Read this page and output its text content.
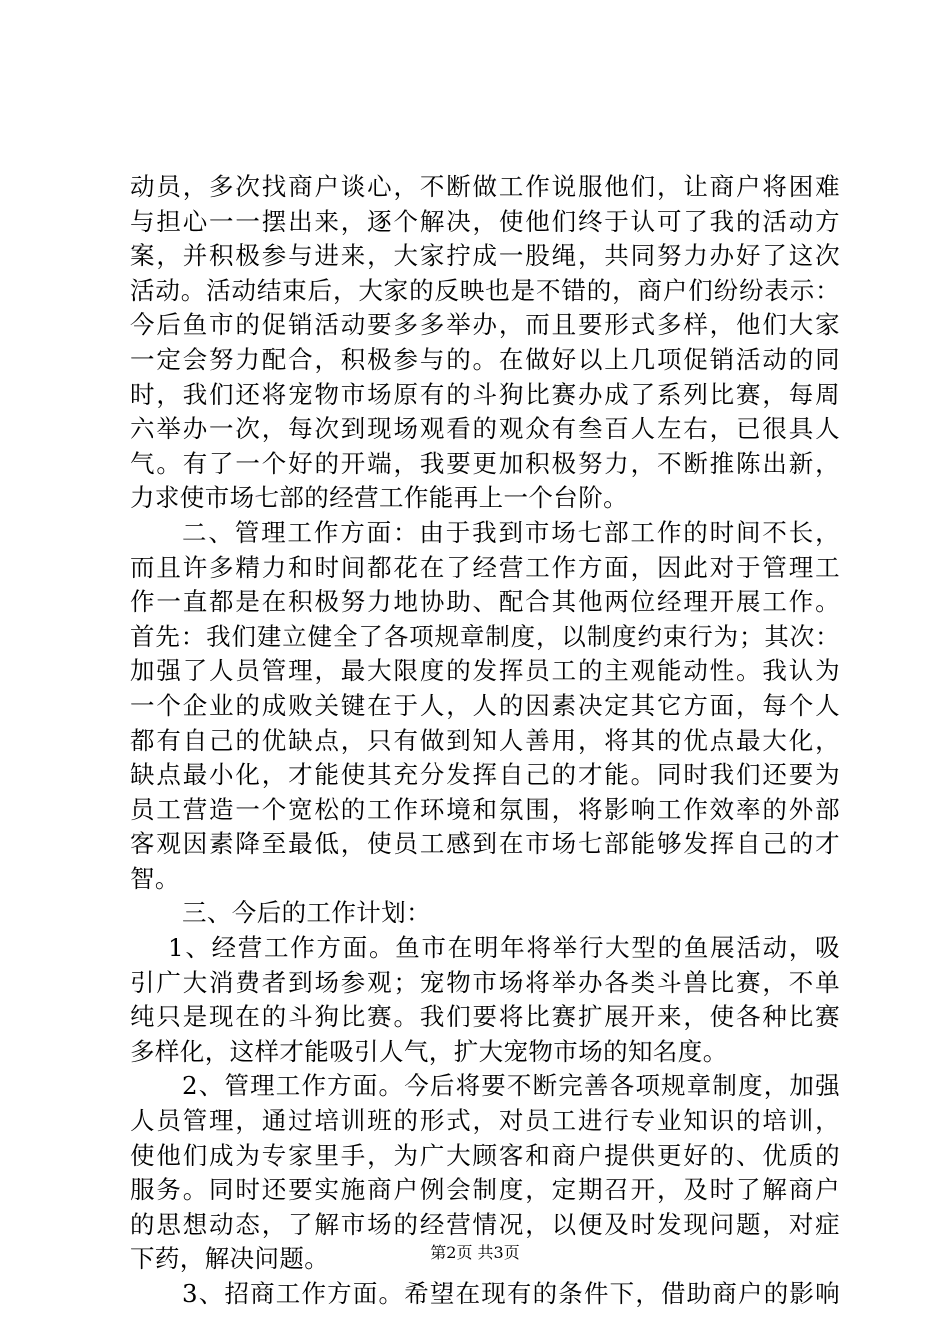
动员，多次找商户谈心，不断做工作说服他们，让商户将困难
与担心一一摆出来，逐个解决，使他们终于认可了我的活动方
案，并积极参与进来，大家拧成一股绳，共同努力办好了这次
活动。活动结束后，大家的反映也是不错的，商户们纷纷表示：
今后鱼市的促销活动要多多举办，而且要形式多样，他们大家
一定会努力配合，积极参与的。在做好以上几项促销活动的同
时，我们还将宠物市场原有的斗狗比赛办成了系列比赛，每周
六举办一次，每次到现场观看的观众有叁百人左右，已很具人
气。有了一个好的开端，我要更加积极努力，不断推陈出新，
力求使市场七部的经营工作能再上一个台阶。
二、管理工作方面：由于我到市场七部工作的时间不长，
而且许多精力和时间都花在了经营工作方面，因此对于管理工
作一直都是在积极努力地协助、配合其他两位经理开展工作。
首先：我们建立健全了各项规章制度，以制度约束行为；其次：
加强了人员管理，最大限度的发挥员工的主观能动性。我认为
一个企业的成败关键在于人，人的因素决定其它方面，每个人
都有自己的优缺点，只有做到知人善用，将其的优点最大化，
缺点最小化，才能使其充分发挥自己的才能。同时我们还要为
员工营造一个宽松的工作环境和氛围，将影响工作效率的外部
客观因素降至最低，使员工感到在市场七部能够发挥自己的才
智。
三、今后的工作计划：
1、经营工作方面。鱼市在明年将举行大型的鱼展活动，吸
引广大消费者到场参观；宠物市场将举办各类斗兽比赛，不单
纯只是现在的斗狗比赛。我们要将比赛扩展开来，使各种比赛
多样化，这样才能吸引人气，扩大宠物市场的知名度。
2、管理工作方面。今后将要不断完善各项规章制度，加强
人员管理，通过培训班的形式，对员工进行专业知识的培训，
使他们成为专家里手，为广大顾客和商户提供更好的、优质的
服务。同时还要实施商户例会制度，定期召开，及时了解商户
的思想动态，了解市场的经营情况，以便及时发现问题，对症
下药，解决问题。
3、招商工作方面。希望在现有的条件下，借助商户的影响
第2页 共3页
